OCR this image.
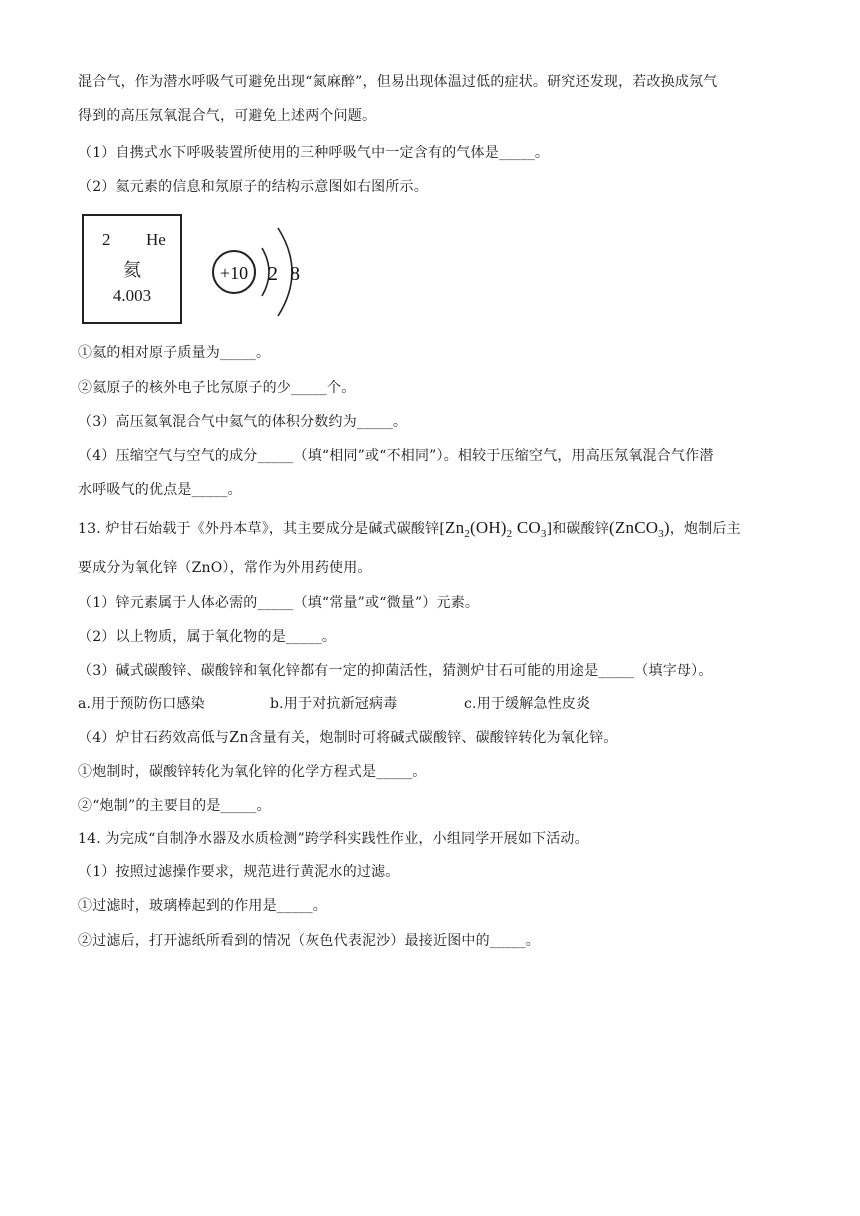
混合气，作为潜水呼吸气可避免出现“氮麻醉”，但易出现体温过低的症状。研究还发现，若改换成氖气
得到的高压氖氧混合气，可避免上述两个问题。
（1）自携式水下呼吸装置所使用的三种呼吸气中一定含有的气体是_____。
（2）氦元素的信息和氖原子的结构示意图如右图所示。
2 He
氦
4.003
+10 2 8
①氦的相对原子质量为_____。
②氦原子的核外电子比氖原子的少_____个。
（3）高压氦氧混合气中氦气的体积分数约为_____。
（4）压缩空气与空气的成分_____（填“相同”或“不相同”）。相较于压缩空气，用高压氖氧混合气作潜
水呼吸气的优点是_____。
13. 炉甘石始载于《外丹本草》，其主要成分是碱式碳酸锌[$Zn_2(OH)_2$ $CO_3$]和碳酸锌(ZnCO$_3$)，炮制后主
要成分为氧化锌（ZnO），常作为外用药使用。
（1）锌元素属于人体必需的_____（填“常量”或“微量”）元素。
（2）以上物质，属于氧化物的是_____。
（3）碱式碳酸锌、碳酸锌和氧化锌都有一定的抑菌活性，猜测炉甘石可能的用途是_____（填字母）。
a.用于预防伤口感染	b.用于对抗新冠病毒	c.用于缓解急性皮炎
（4）炉甘石药效高低与Zn含量有关，炮制时可将碱式碳酸锌、碳酸锌转化为氧化锌。
①炮制时，碳酸锌转化为氧化锌的化学方程式是_____。
②“炮制”的主要目的是_____。
14. 为完成“自制净水器及水质检测”跨学科实践性作业，小组同学开展如下活动。
（1）按照过滤操作要求，规范进行黄泥水的过滤。
①过滤时，玻璃棒起到的作用是_____。
②过滤后，打开滤纸所看到的情况（灰色代表泥沙）最接近图中的_____。
